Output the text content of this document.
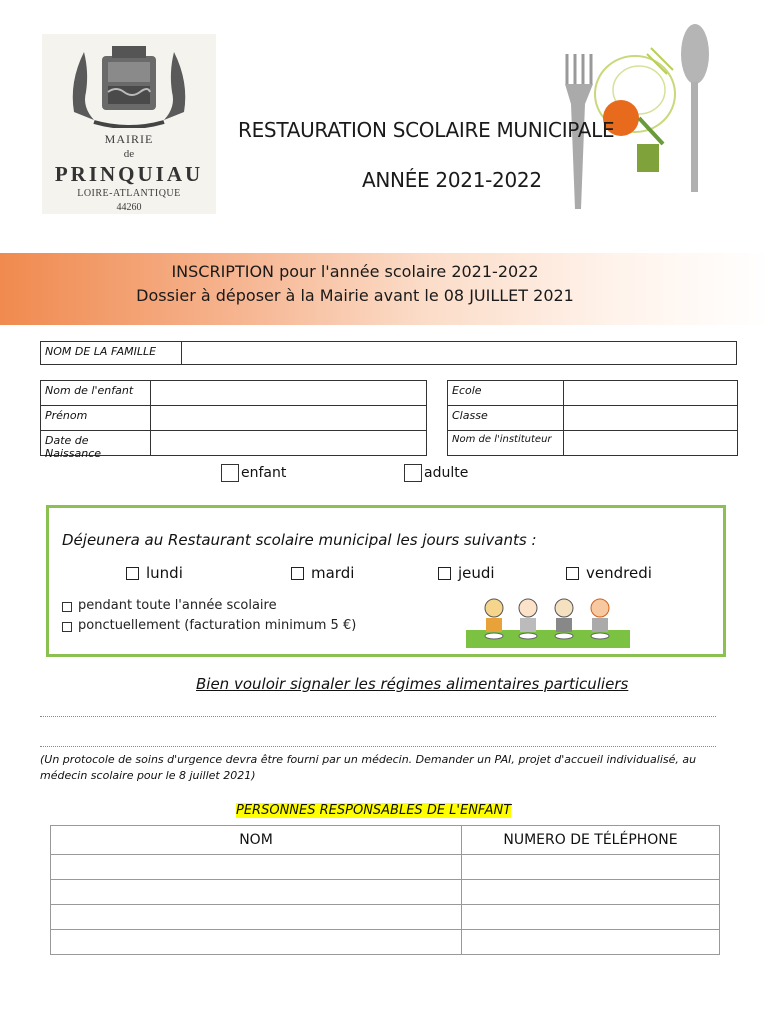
MAIRIE
de
PRINQUIAU
LOIRE-ATLANTIQUE
44260
RESTAURATION SCOLAIRE MUNICIPALE
ANNÉE 2021-2022
INSCRIPTION pour l'année scolaire 2021-2022
Dossier à déposer à la Mairie avant le 08 JUILLET 2021
NOM DE LA FAMILLE
Nom de l'enfant
Prénom
Date de Naissance
Ecole
Classe
Nom de l'instituteur
enfant	adulte
Déjeunera au Restaurant scolaire municipal les jours suivants :
lundi	mardi	jeudi	vendredi
pendant toute l'année scolaire
ponctuellement (facturation minimum 5 €)
Bien vouloir signaler les régimes alimentaires particuliers
(Un protocole de soins d'urgence devra être fourni par un médecin. Demander un PAI, projet d'accueil individualisé, au médecin scolaire pour le 8 juillet 2021)
PERSONNES RESPONSABLES DE L'ENFANT
NOM	NUMERO DE TÉLÉPHONE
